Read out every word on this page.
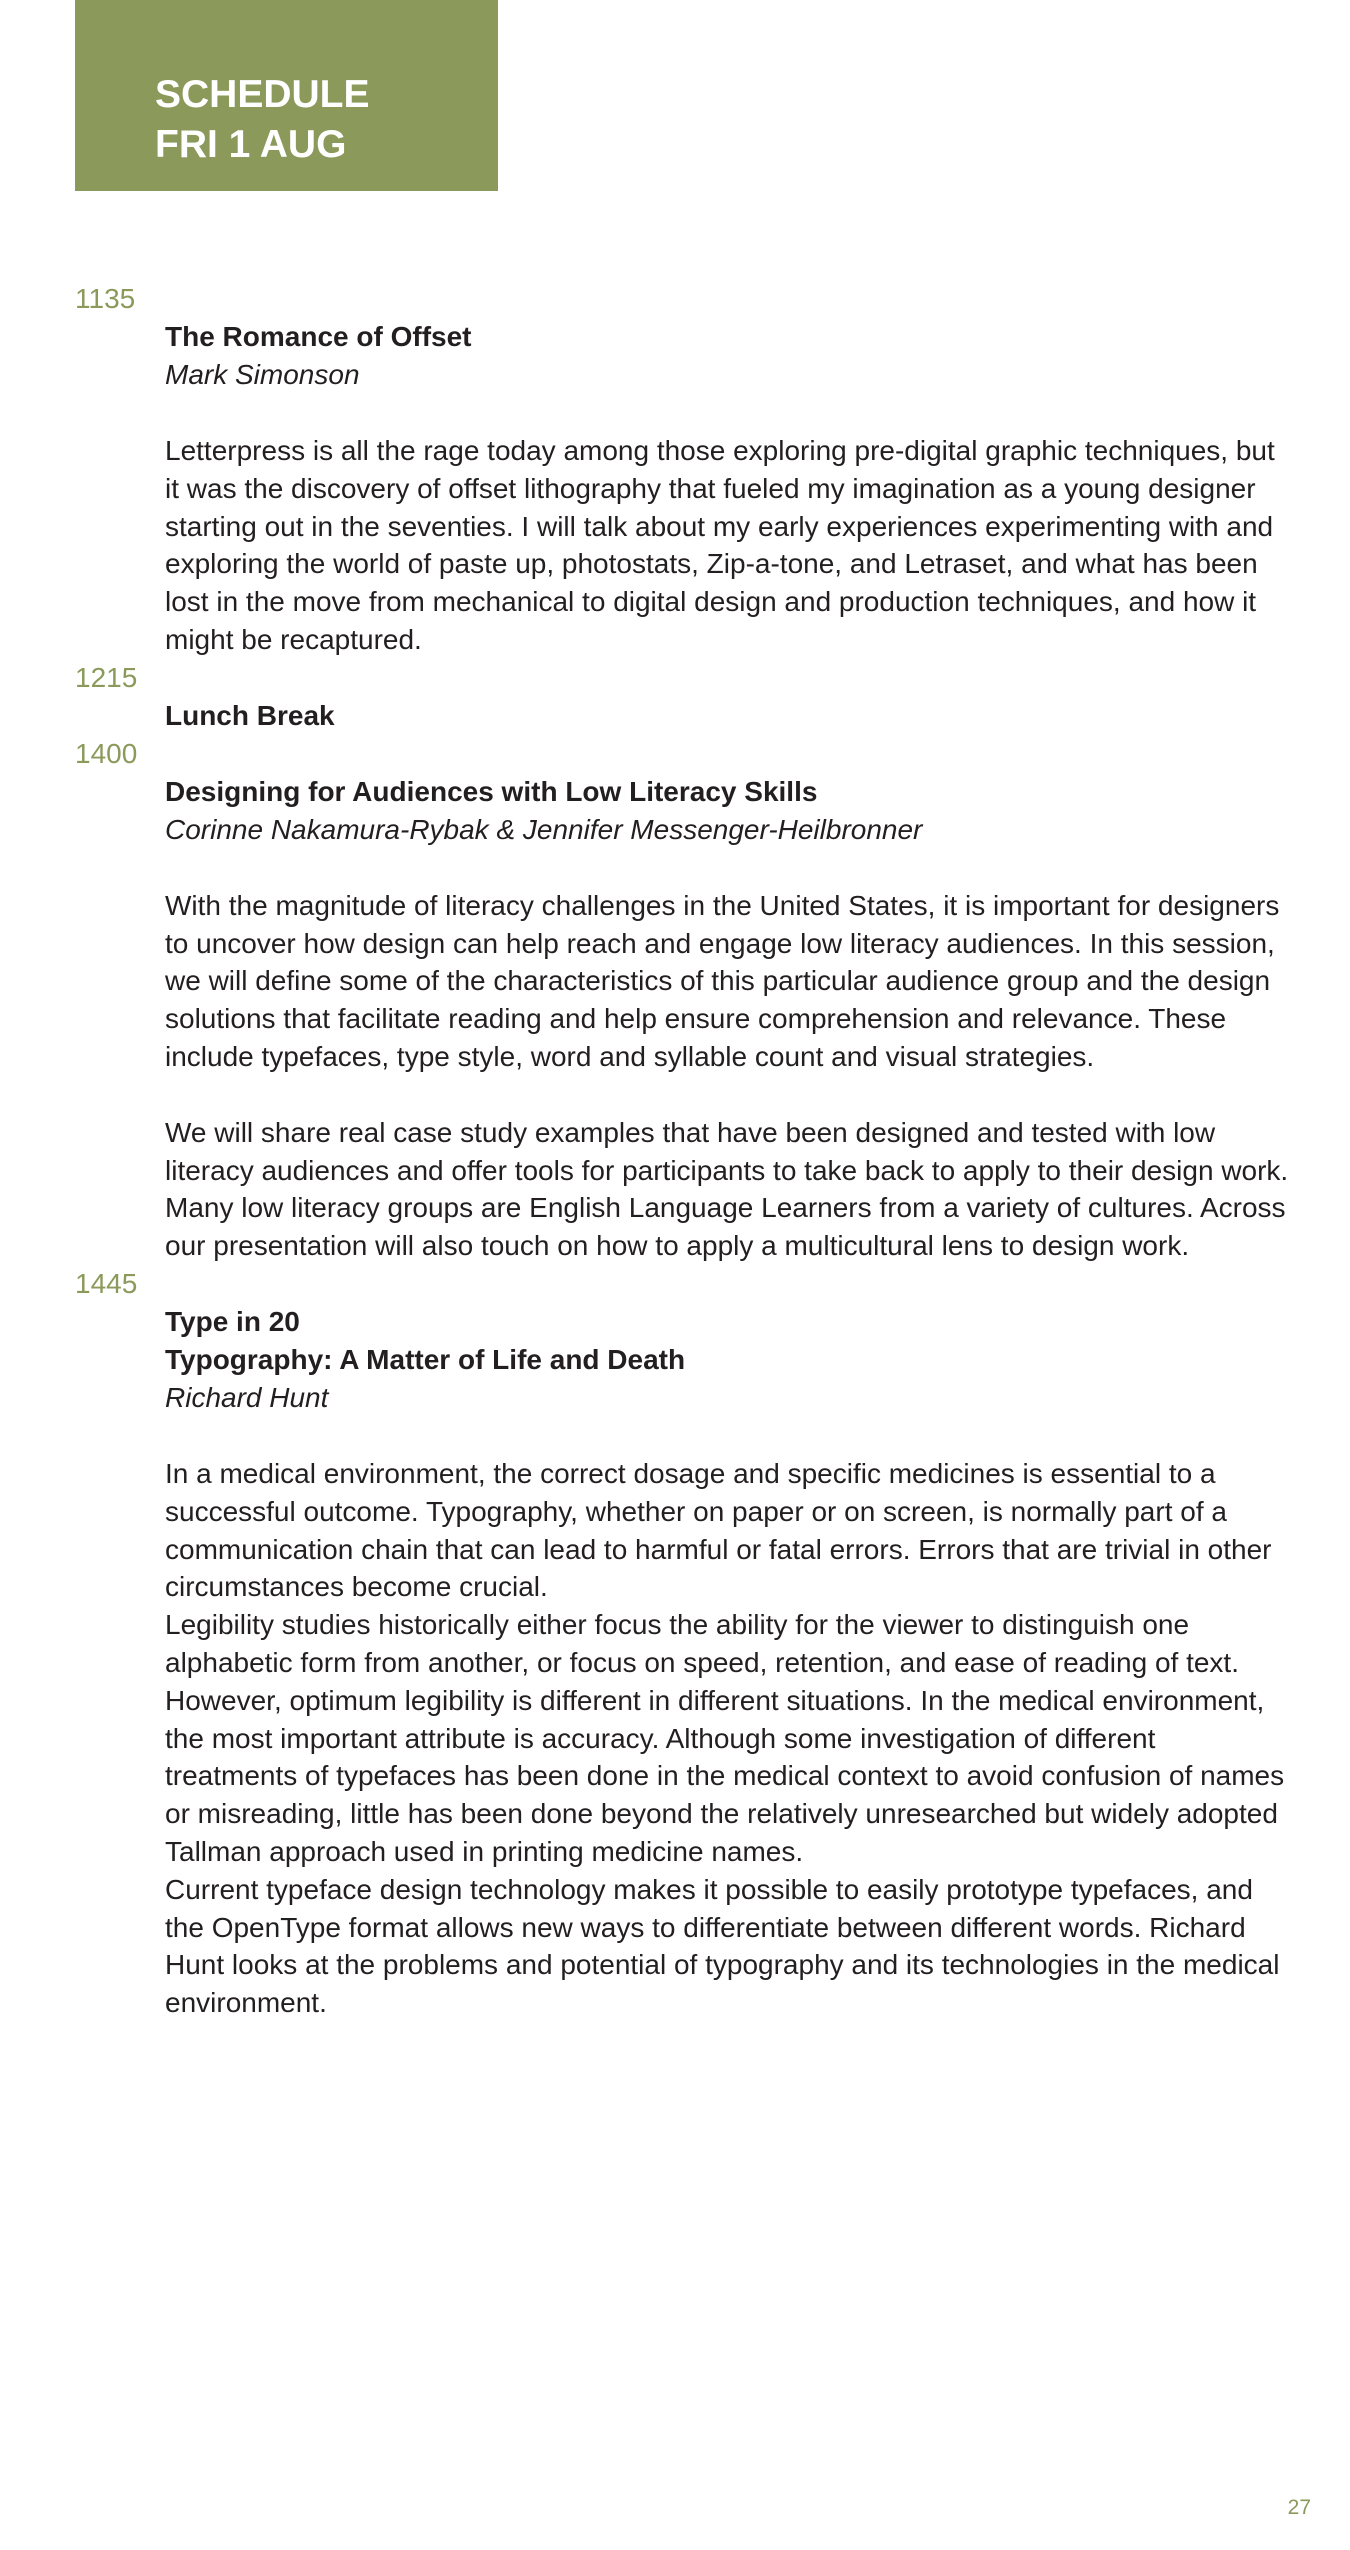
SCHEDULE
FRI 1 AUG
1135
The Romance of Offset
Mark Simonson

Letterpress is all the rage today among those exploring pre-digital graphic techniques, but it was the discovery of offset lithography that fueled my imagination as a young designer starting out in the seventies. I will talk about my early experiences experimenting with and exploring the world of paste up, photostats, Zip-a-tone, and Letraset, and what has been lost in the move from mechanical to digital design and production techniques, and how it might be recaptured.

1215
Lunch Break
1400
Designing for Audiences with Low Literacy Skills
Corinne Nakamura-Rybak & Jennifer Messenger-Heilbronner

With the magnitude of literacy challenges in the United States, it is important for designers to uncover how design can help reach and engage low literacy audiences. In this session, we will define some of the characteristics of this particular audience group and the design solutions that facilitate reading and help ensure comprehension and relevance. These include typefaces, type style, word and syllable count and visual strategies.

We will share real case study examples that have been designed and tested with low literacy audiences and offer tools for participants to take back to apply to their design work.

Many low literacy groups are English Language Learners from a variety of cultures. Across our presentation will also touch on how to apply a multicultural lens to design work.

1445
Type in 20
Typography: A Matter of Life and Death
Richard Hunt

In a medical environment, the correct dosage and specific medicines is essential to a successful outcome. Typography, whether on paper or on screen, is normally part of a communication chain that can lead to harmful or fatal errors. Errors that are trivial in other circumstances become crucial.

Legibility studies historically either focus the ability for the viewer to distinguish one alphabetic form from another, or focus on speed, retention, and ease of reading of text.

However, optimum legibility is different in different situations. In the medical environment, the most important attribute is accuracy. Although some investigation of different treatments of typefaces has been done in the medical context to avoid confusion of names or misreading, little has been done beyond the relatively unresearched but widely adopted Tallman approach used in printing medicine names.

Current typeface design technology makes it possible to easily prototype typefaces, and the OpenType format allows new ways to differentiate between different words. Richard Hunt looks at the problems and potential of typography and its technologies in the medical environment.

27
